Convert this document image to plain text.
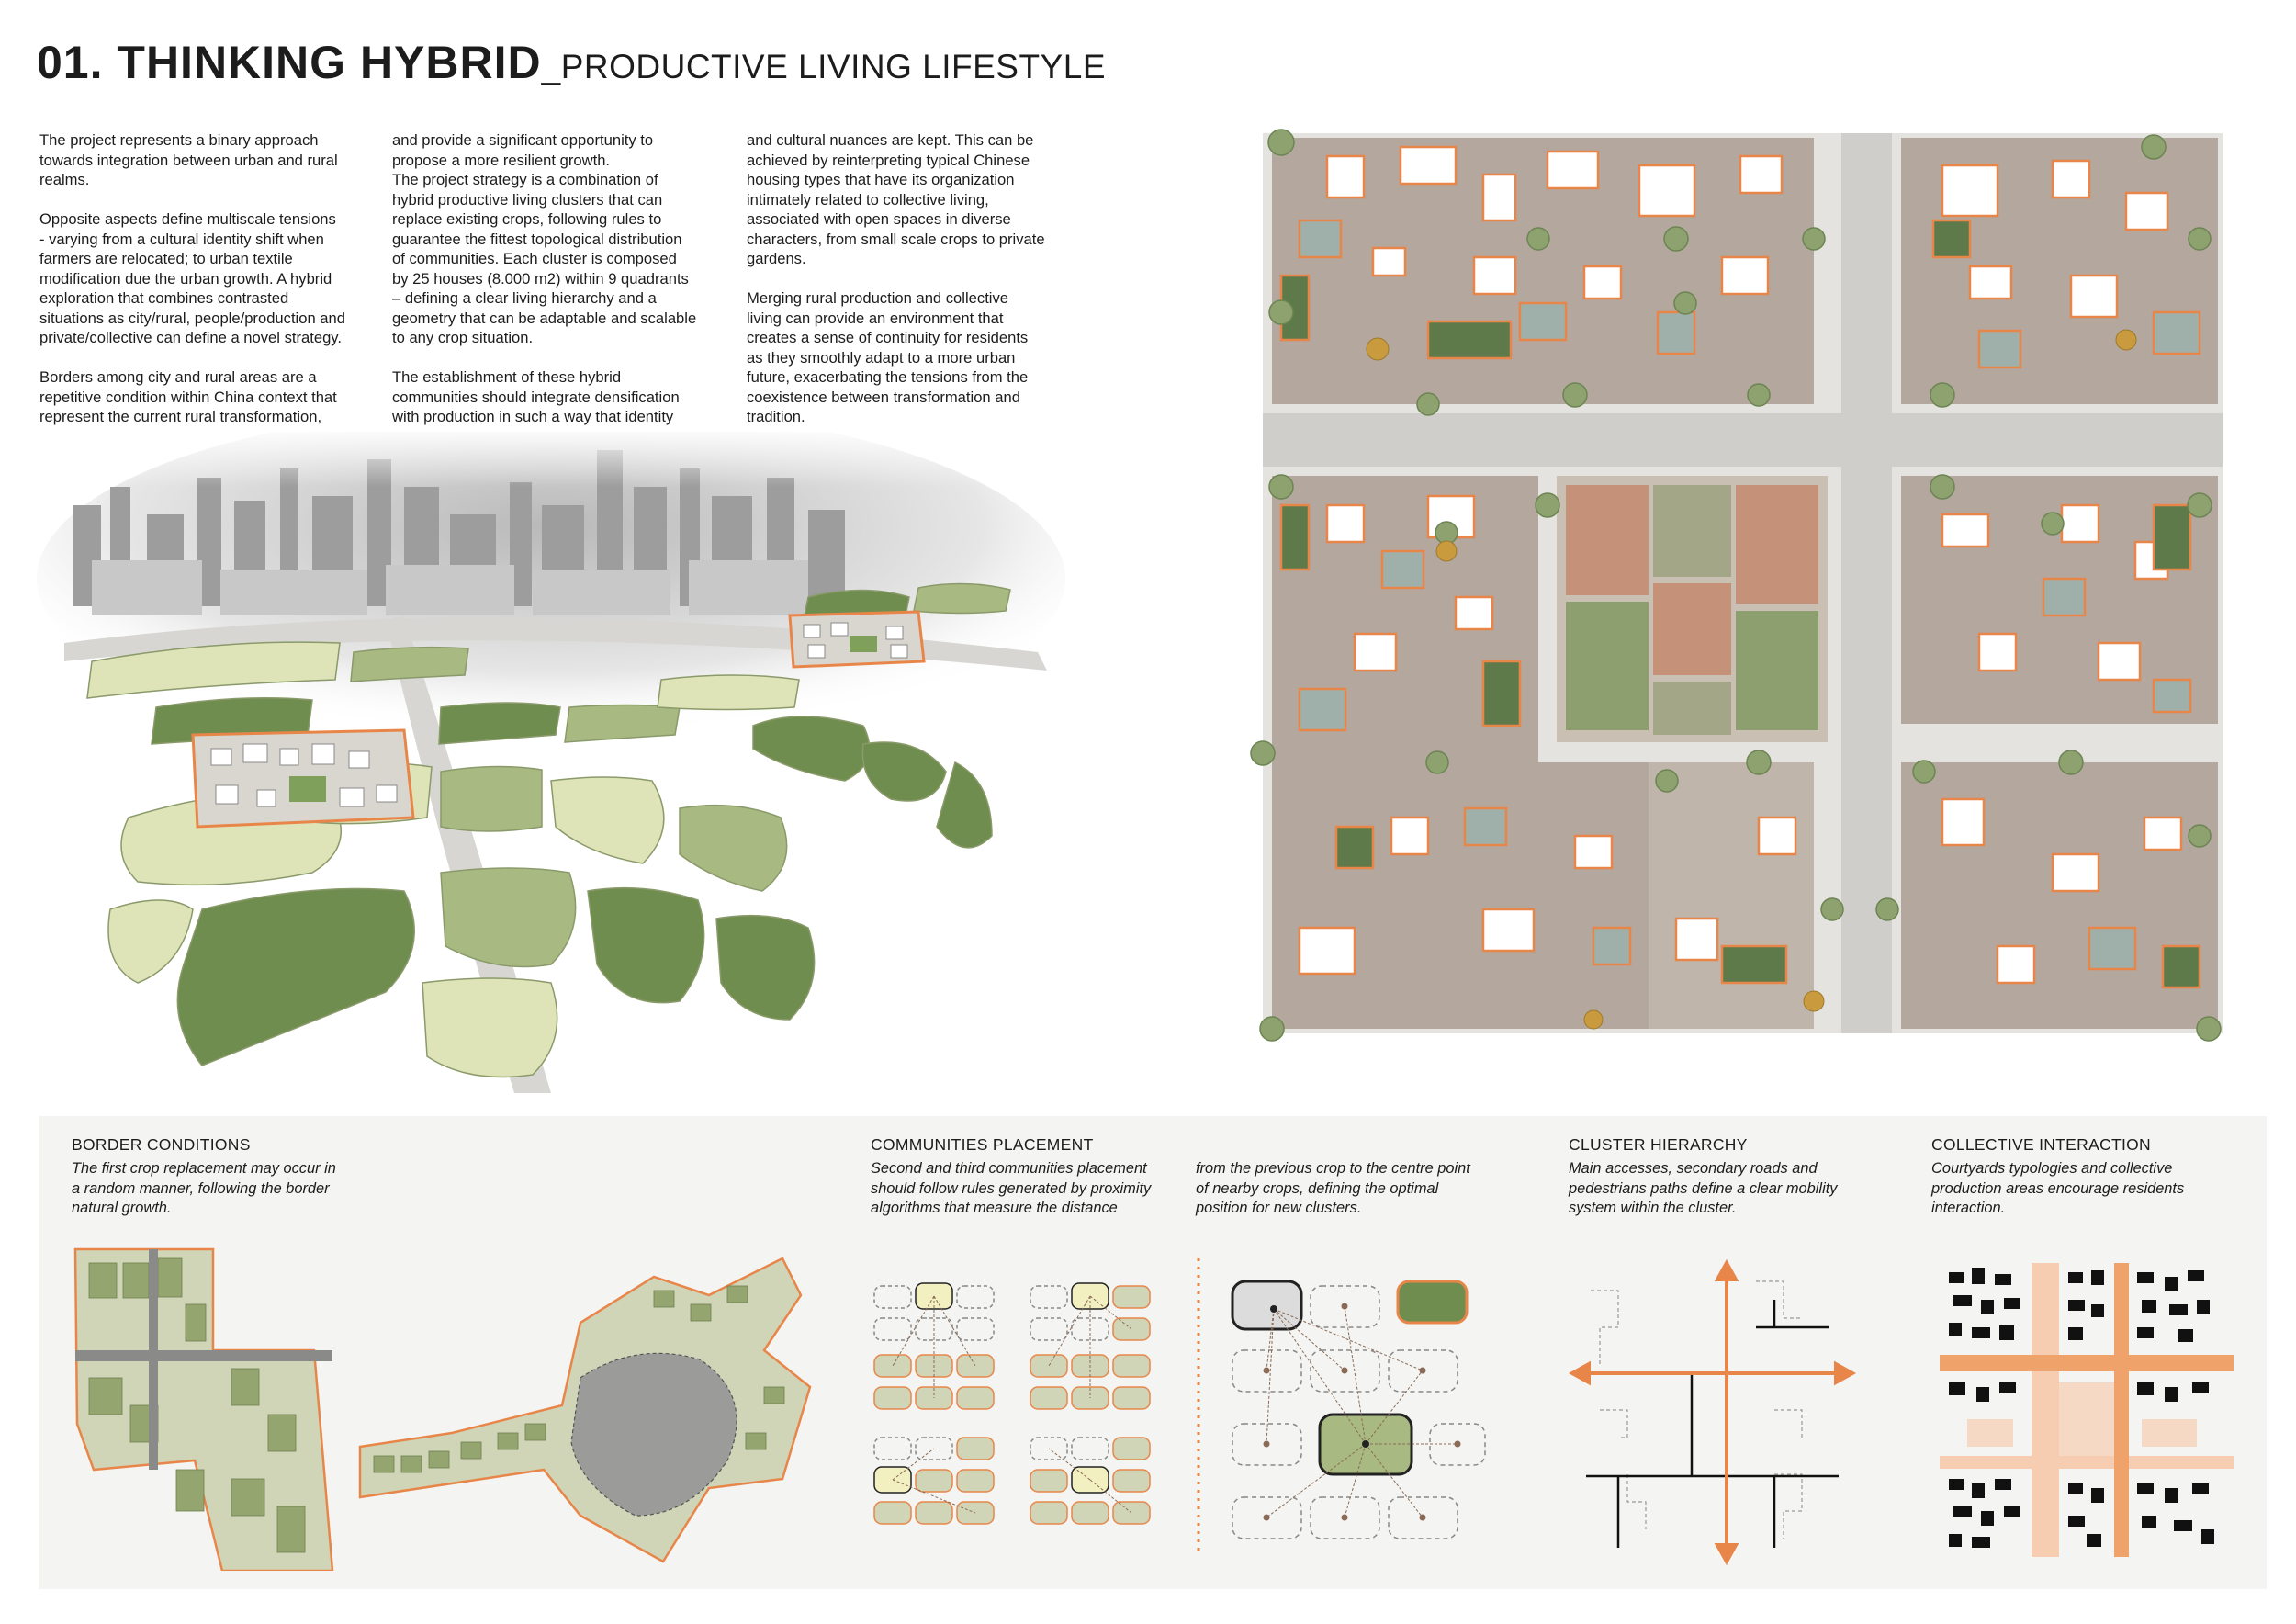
01. THINKING HYBRID_PRODUCTIVE LIVING LIFESTYLE
The project represents a binary approach
towards integration between urban and rural
realms.

Opposite aspects define multiscale tensions
- varying from a cultural identity shift when
farmers are relocated; to urban textile
modification due the urban growth. A hybrid
exploration that combines contrasted
situations as city/rural, people/production and
private/collective can define a novel strategy.

Borders among city and rural areas are a
repetitive condition within China context that
represent the current rural transformation,
and provide a significant opportunity to
propose a more resilient growth.
The project strategy is a combination of
hybrid productive living clusters that can
replace existing crops, following rules to
guarantee the fittest topological distribution
of communities. Each cluster is composed
by 25 houses (8.000 m2) within 9 quadrants
– defining a clear living hierarchy and a
geometry that can be adaptable and scalable
to any crop situation.

The establishment of these hybrid
communities should integrate densification
with production in such a way that identity
and cultural nuances are kept. This can be
achieved by reinterpreting typical Chinese
housing types that have its organization
intimately related to collective living,
associated with open spaces in diverse
characters, from small scale crops to private
gardens.

Merging rural production and collective
living can provide an environment that
creates a sense of continuity for residents
as they smoothly adapt to a more urban
future, exacerbating the tensions from the
coexistence between transformation and
tradition.
BORDER CONDITIONS
The first crop replacement may occur in
a random manner, following the border
natural growth.
COMMUNITIES PLACEMENT
Second and third communities placement
should follow rules generated by proximity
algorithms that measure the distance
from the previous crop to the centre point
of nearby crops, defining the optimal
position for new clusters.
CLUSTER HIERARCHY
Main accesses, secondary roads and
pedestrians paths define a clear mobility
system within the cluster.
COLLECTIVE INTERACTION
Courtyards typologies and collective
production areas encourage residents
interaction.
